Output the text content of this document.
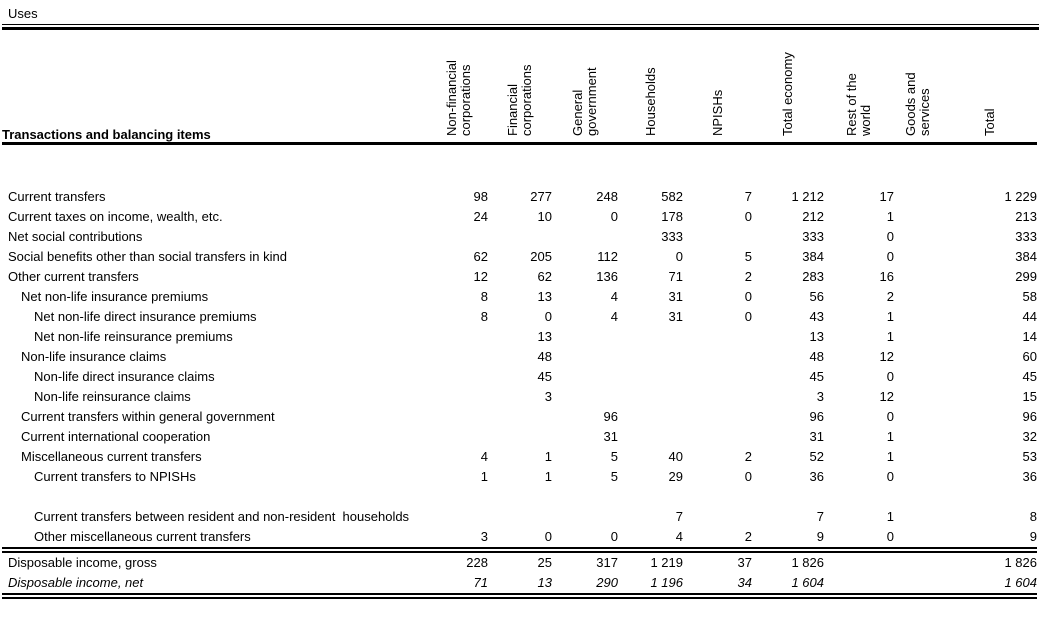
Uses
Transactions and balancing items	Non-financial corporations	Financial corporations	General government	Households	NPISHs	Total economy	Rest of the world	Goods and services	Total

Current transfers	98	277	248	582	7	1 212	17		1 229
Current taxes on income, wealth, etc.	24	10	0	178	0	212	1		213
Net social contributions				333		333	0		333
Social benefits other than social transfers in kind	62	205	112	0	5	384	0		384
Other current transfers	12	62	136	71	2	283	16		299
Net non-life insurance premiums	8	13	4	31	0	56	2		58
Net non-life direct insurance premiums	8	0	4	31	0	43	1		44
Net non-life reinsurance premiums		13				13	1		14
Non-life insurance claims		48				48	12		60
Non-life direct insurance claims		45				45	0		45
Non-life reinsurance claims		3				3	12		15
Current transfers within general government			96			96	0		96
Current international cooperation			31			31	1		32
Miscellaneous current transfers	4	1	5	40	2	52	1		53
Current transfers to NPISHs	1	1	5	29	0	36	0		36

Current transfers between resident and non-resident  households				7		7	1		8
Other miscellaneous current transfers	3	0	0	4	2	9	0		9

Disposable income, gross	228	25	317	1 219	37	1 826			1 826
Disposable income, net	71	13	290	1 196	34	1 604			1 604
